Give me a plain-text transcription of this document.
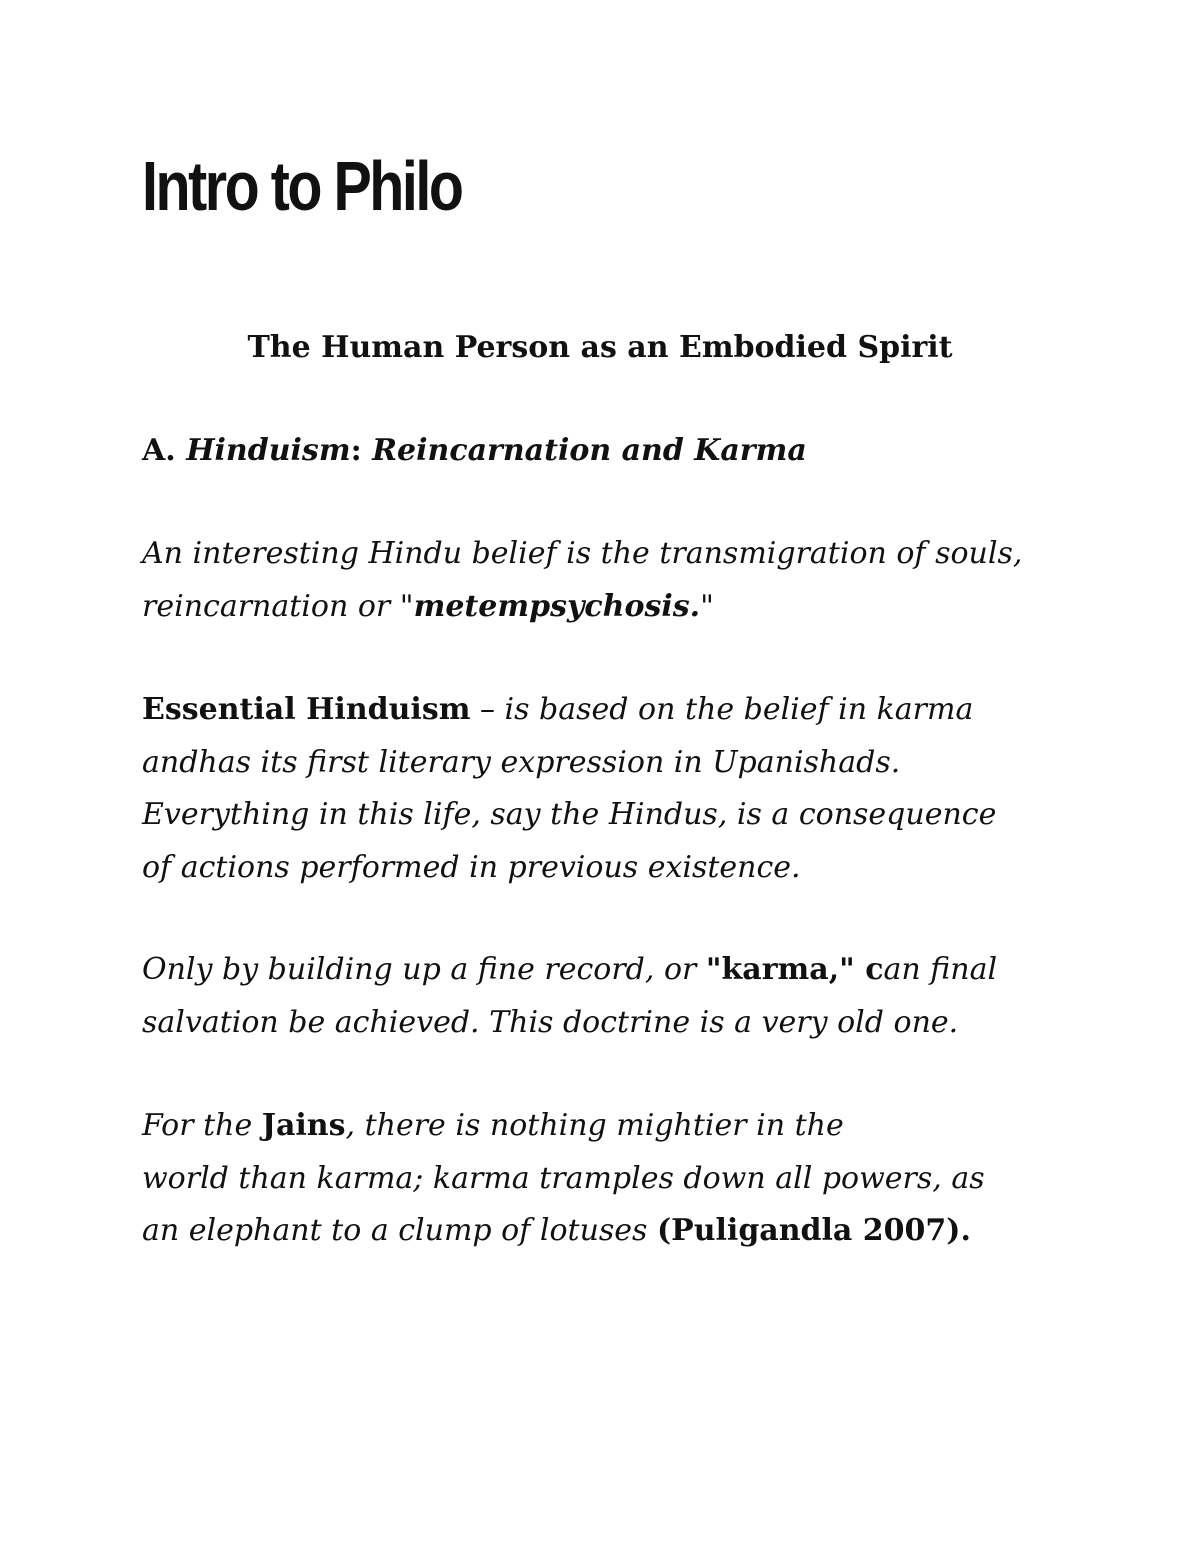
Intro to Philo
The Human Person as an Embodied Spirit
A. Hinduism: Reincarnation and Karma

An interesting Hindu belief is the transmigration of souls,
reincarnation or "metempsychosis."

Essential Hinduism – is based on the belief in karma
andhas its first literary expression in Upanishads.
Everything in this life, say the Hindus, is a consequence
of actions performed in previous existence.

Only by building up a fine record, or "karma," can final
salvation be achieved. This doctrine is a very old one.

For the Jains, there is nothing mightier in the
world than karma; karma tramples down all powers, as
an elephant to a clump of lotuses (Puligandla 2007).
